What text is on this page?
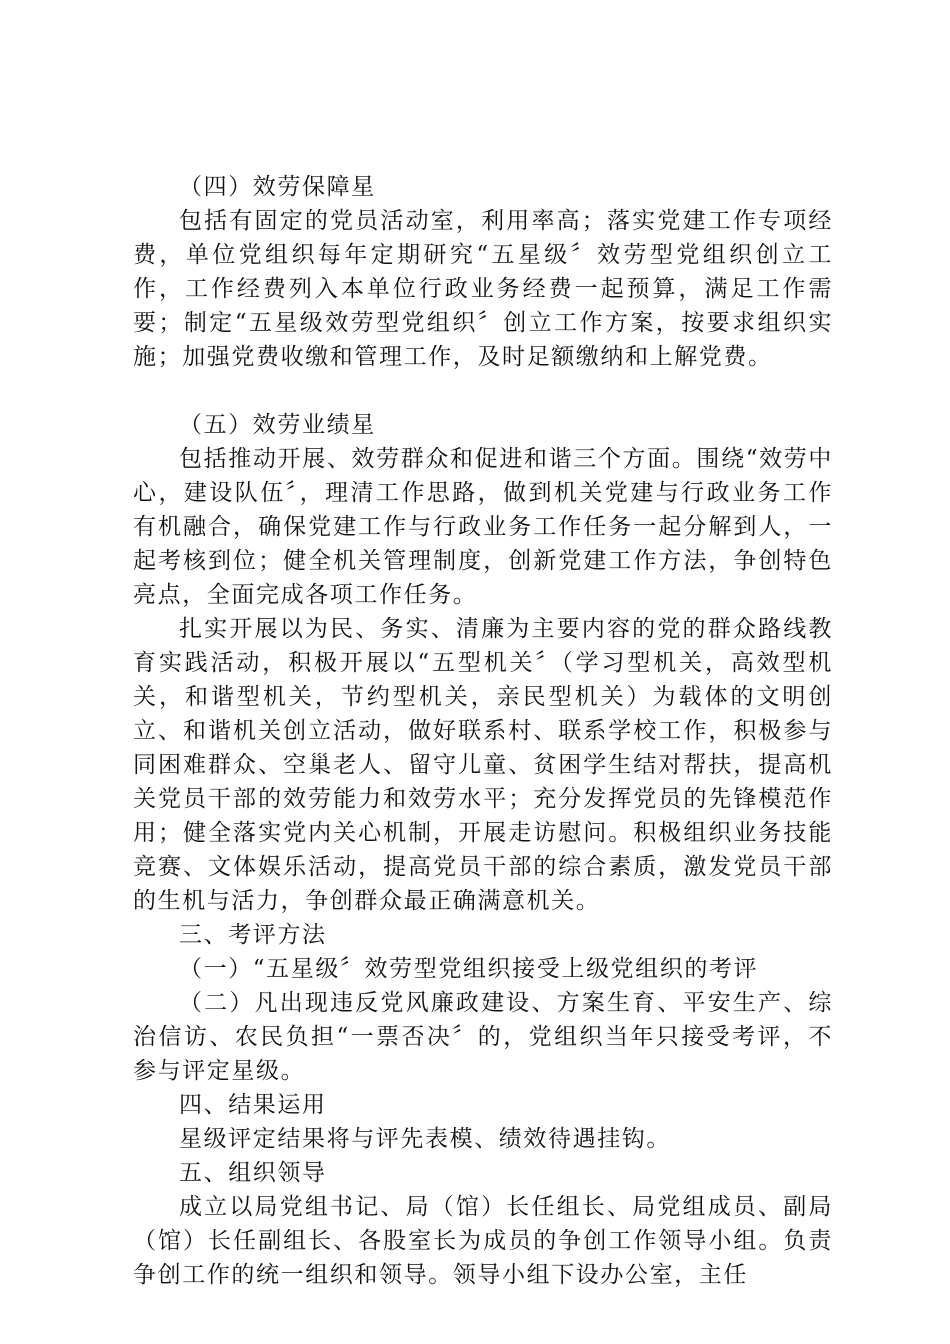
（四）效劳保障星

包括有固定的党员活动室，利用率高；落实党建工作专项经费，单位党组织每年定期研究“五星级〞效劳型党组织创立工作，工作经费列入本单位行政业务经费一起预算，满足工作需要；制定“五星级效劳型党组织〞创立工作方案，按要求组织实施；加强党费收缴和管理工作，及时足额缴纳和上解党费。

（五）效劳业绩星

包括推动开展、效劳群众和促进和谐三个方面。围绕“效劳中心，建设队伍〞，理清工作思路，做到机关党建与行政业务工作有机融合，确保党建工作与行政业务工作任务一起分解到人，一起考核到位；健全机关管理制度，创新党建工作方法，争创特色亮点，全面完成各项工作任务。

扎实开展以为民、务实、清廉为主要内容的党的群众路线教育实践活动，积极开展以“五型机关〞（学习型机关，高效型机关，和谐型机关，节约型机关，亲民型机关）为载体的文明创立、和谐机关创立活动，做好联系村、联系学校工作，积极参与同困难群众、空巢老人、留守儿童、贫困学生结对帮扶，提高机关党员干部的效劳能力和效劳水平；充分发挥党员的先锋模范作用；健全落实党内关心机制，开展走访慰问。积极组织业务技能竞赛、文体娱乐活动，提高党员干部的综合素质，激发党员干部的生机与活力，争创群众最正确满意机关。

三、考评方法

（一）“五星级〞效劳型党组织接受上级党组织的考评

（二）凡出现违反党风廉政建设、方案生育、平安生产、综治信访、农民负担“一票否决〞的，党组织当年只接受考评，不参与评定星级。

四、结果运用

星级评定结果将与评先表模、绩效待遇挂钩。

五、组织领导

成立以局党组书记、局（馆）长任组长、局党组成员、副局（馆）长任副组长、各股室长为成员的争创工作领导小组。负责争创工作的统一组织和领导。领导小组下设办公室，主任
